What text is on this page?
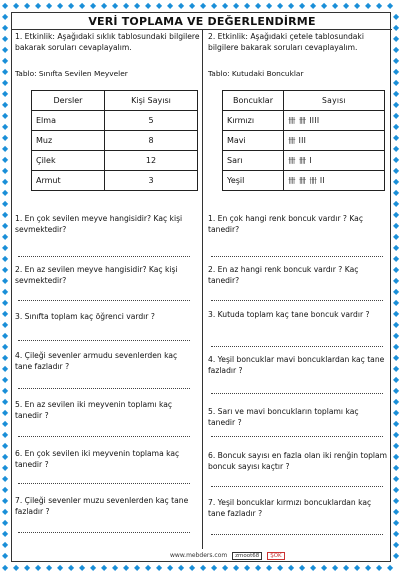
◆
◆
◆
◆
◆
◆
◆
◆
◆
◆
◆
◆
◆
◆
◆
◆
◆
◆
◆
◆
◆
◆
◆
◆
◆
◆
◆
◆
◆
◆
◆
◆
◆
◆
◆
◆
◆
◆
◆
◆
◆
◆
◆
◆
◆
◆
◆
◆
◆
◆
◆
◆
◆
◆
◆
◆
◆
◆
◆
◆
◆
◆
◆
◆
◆
◆
◆
◆
◆
◆
◆
◆
◆	◆
◆	◆
◆	◆
◆	◆
◆	◆
◆	◆
◆	◆
◆	◆
◆	◆
◆	◆
◆	◆
◆	◆
◆	◆
◆	◆
◆	◆
◆	◆
◆	◆
◆	◆
◆	◆
◆	◆
◆	◆
◆	◆
◆	◆
◆	◆
◆	◆
◆	◆
◆	◆
◆	◆
◆	◆
◆	◆
◆	◆
◆	◆
◆	◆
◆	◆
◆	◆
◆	◆
◆	◆
◆	◆
◆	◆
◆	◆
◆	◆
◆	◆
◆	◆
◆	◆
◆	◆
◆	◆
◆	◆
◆	◆
◆	◆
◆	◆
VERİ TOPLAMA VE DEĞERLENDİRME
1. Etkinlik: Aşağıdaki sıklık tablosundaki bilgilere bakarak soruları cevaplayalım.
Tablo: Sınıfta Sevilen Meyveler
Dersler	Kişi Sayısı
Elma	5
Muz	8
Çilek	12
Armut	3
2. Etkinlik: Aşağıdaki çetele tablosundaki bilgilere bakarak soruları cevaplayalım.
Tablo: Kutudaki Boncuklar
Boncuklar	Sayısı
Kırmızı	卌 卌 IIII
Mavi	卌 III
Sarı	卌 卌 I
Yeşil	卌 卌 卌 II
1. En çok sevilen meyve hangisidir? Kaç kişi sevmektedir?
2. En az sevilen meyve hangisidir? Kaç kişi sevmektedir?
3. Sınıfta toplam kaç öğrenci vardır ?
4. Çileği sevenler armudu sevenlerden kaç tane fazladır ?
5. En az sevilen iki meyvenin toplamı kaç tanedir ?
6. En çok sevilen iki meyvenin toplama kaç tanedir ?
7. Çileği sevenler muzu sevenlerden kaç tane fazladır ?
1. En çok hangi renk boncuk vardır ? Kaç tanedir?
2. En az hangi renk boncuk vardır ? Kaç tanedir?
3. Kutuda toplam kaç tane boncuk vardır ?
4. Yeşil boncuklar mavi boncuklardan kaç tane fazladır ?
5. Sarı ve mavi boncukların toplamı kaç tanedir ?
6. Boncuk sayısı en fazla olan iki renğin toplam boncuk sayısı kaçtır ?
7. Yeşil boncuklar kırmızı boncuklardan kaç tane fazladır ?
www.mebders.com zmoot68 ŞÖK
